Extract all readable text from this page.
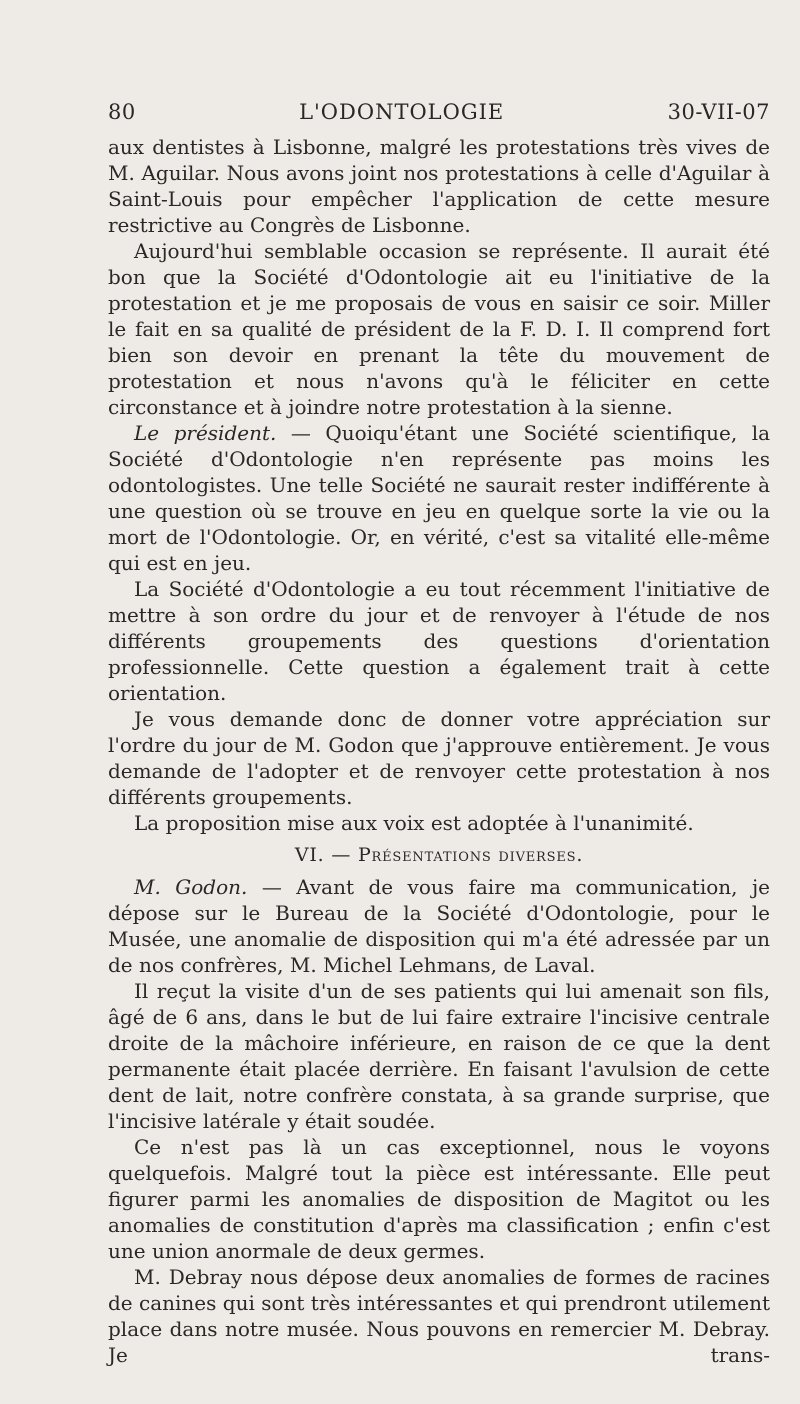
80	L'ODONTOLOGIE	30-VII-07

aux dentistes à Lisbonne, malgré les protestations très vives de M. Aguilar. Nous avons joint nos protestations à celle d'Aguilar à Saint-Louis pour empêcher l'application de cette mesure restrictive au Congrès de Lisbonne.

Aujourd'hui semblable occasion se représente. Il aurait été bon que la Société d'Odontologie ait eu l'initiative de la protestation et je me proposais de vous en saisir ce soir. Miller le fait en sa qualité de président de la F. D. I. Il comprend fort bien son devoir en prenant la tête du mouvement de protestation et nous n'avons qu'à le féliciter en cette circonstance et à joindre notre protestation à la sienne.

Le président. — Quoiqu'étant une Société scientifique, la Société d'Odontologie n'en représente pas moins les odontologistes. Une telle Société ne saurait rester indifférente à une question où se trouve en jeu en quelque sorte la vie ou la mort de l'Odontologie. Or, en vérité, c'est sa vitalité elle-même qui est en jeu.

La Société d'Odontologie a eu tout récemment l'initiative de mettre à son ordre du jour et de renvoyer à l'étude de nos différents groupements des questions d'orientation professionnelle. Cette question a également trait à cette orientation.

Je vous demande donc de donner votre appréciation sur l'ordre du jour de M. Godon que j'approuve entièrement. Je vous demande de l'adopter et de renvoyer cette protestation à nos différents groupements.

La proposition mise aux voix est adoptée à l'unanimité.

VI. — Présentations diverses.

M. Godon. — Avant de vous faire ma communication, je dépose sur le Bureau de la Société d'Odontologie, pour le Musée, une anomalie de disposition qui m'a été adressée par un de nos confrères, M. Michel Lehmans, de Laval.

Il reçut la visite d'un de ses patients qui lui amenait son fils, âgé de 6 ans, dans le but de lui faire extraire l'incisive centrale droite de la mâchoire inférieure, en raison de ce que la dent permanente était placée derrière. En faisant l'avulsion de cette dent de lait, notre confrère constata, à sa grande surprise, que l'incisive latérale y était soudée.

Ce n'est pas là un cas exceptionnel, nous le voyons quelquefois. Malgré tout la pièce est intéressante. Elle peut figurer parmi les anomalies de disposition de Magitot ou les anomalies de constitution d'après ma classification ; enfin c'est une union anormale de deux germes.

M. Debray nous dépose deux anomalies de formes de racines de canines qui sont très intéressantes et qui prendront utilement place dans notre musée. Nous pouvons en remercier M. Debray. Je trans-
